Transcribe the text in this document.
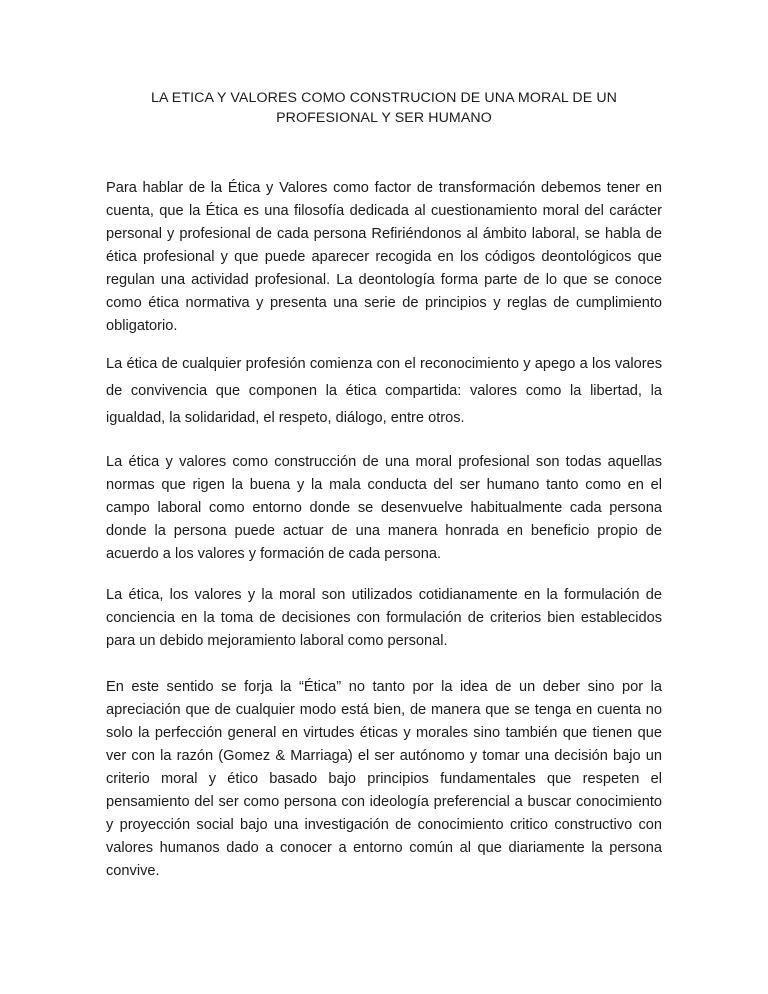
LA ETICA Y VALORES COMO CONSTRUCION DE UNA MORAL DE UN PROFESIONAL Y SER HUMANO

Para hablar de la Ética y Valores como factor de transformación debemos tener en cuenta, que la Ética es una filosofía dedicada al cuestionamiento moral del carácter personal y profesional de cada persona Refiriéndonos al ámbito laboral, se habla de ética profesional y que puede aparecer recogida en los códigos deontológicos que regulan una actividad profesional. La deontología forma parte de lo que se conoce como ética normativa y presenta una serie de principios y reglas de cumplimiento obligatorio.

La ética de cualquier profesión comienza con el reconocimiento y apego a los valores de convivencia que componen la ética compartida: valores como la libertad, la igualdad, la solidaridad, el respeto, diálogo, entre otros.

La ética y valores como construcción de una moral profesional son todas aquellas normas que rigen la buena y la mala conducta del ser humano tanto como en el campo laboral como entorno donde se desenvuelve habitualmente cada persona donde la persona puede actuar de una manera honrada en beneficio propio de acuerdo a los valores y formación de cada persona.

La ética, los valores y la moral son utilizados cotidianamente en la formulación de conciencia en la toma de decisiones con formulación de criterios bien establecidos para un debido mejoramiento laboral como personal.

En este sentido se forja la “Ética” no tanto por la idea de un deber sino por la apreciación que de cualquier modo está bien, de manera que se tenga en cuenta no solo la perfección general en virtudes éticas y morales sino también que tienen que ver con la razón (Gomez & Marriaga) el ser autónomo y tomar una decisión bajo un criterio moral y ético basado bajo principios fundamentales que respeten el pensamiento del ser como persona con ideología preferencial a buscar conocimiento y proyección social bajo una investigación de conocimiento critico constructivo con valores humanos dado a conocer a entorno común al que diariamente la persona convive.
